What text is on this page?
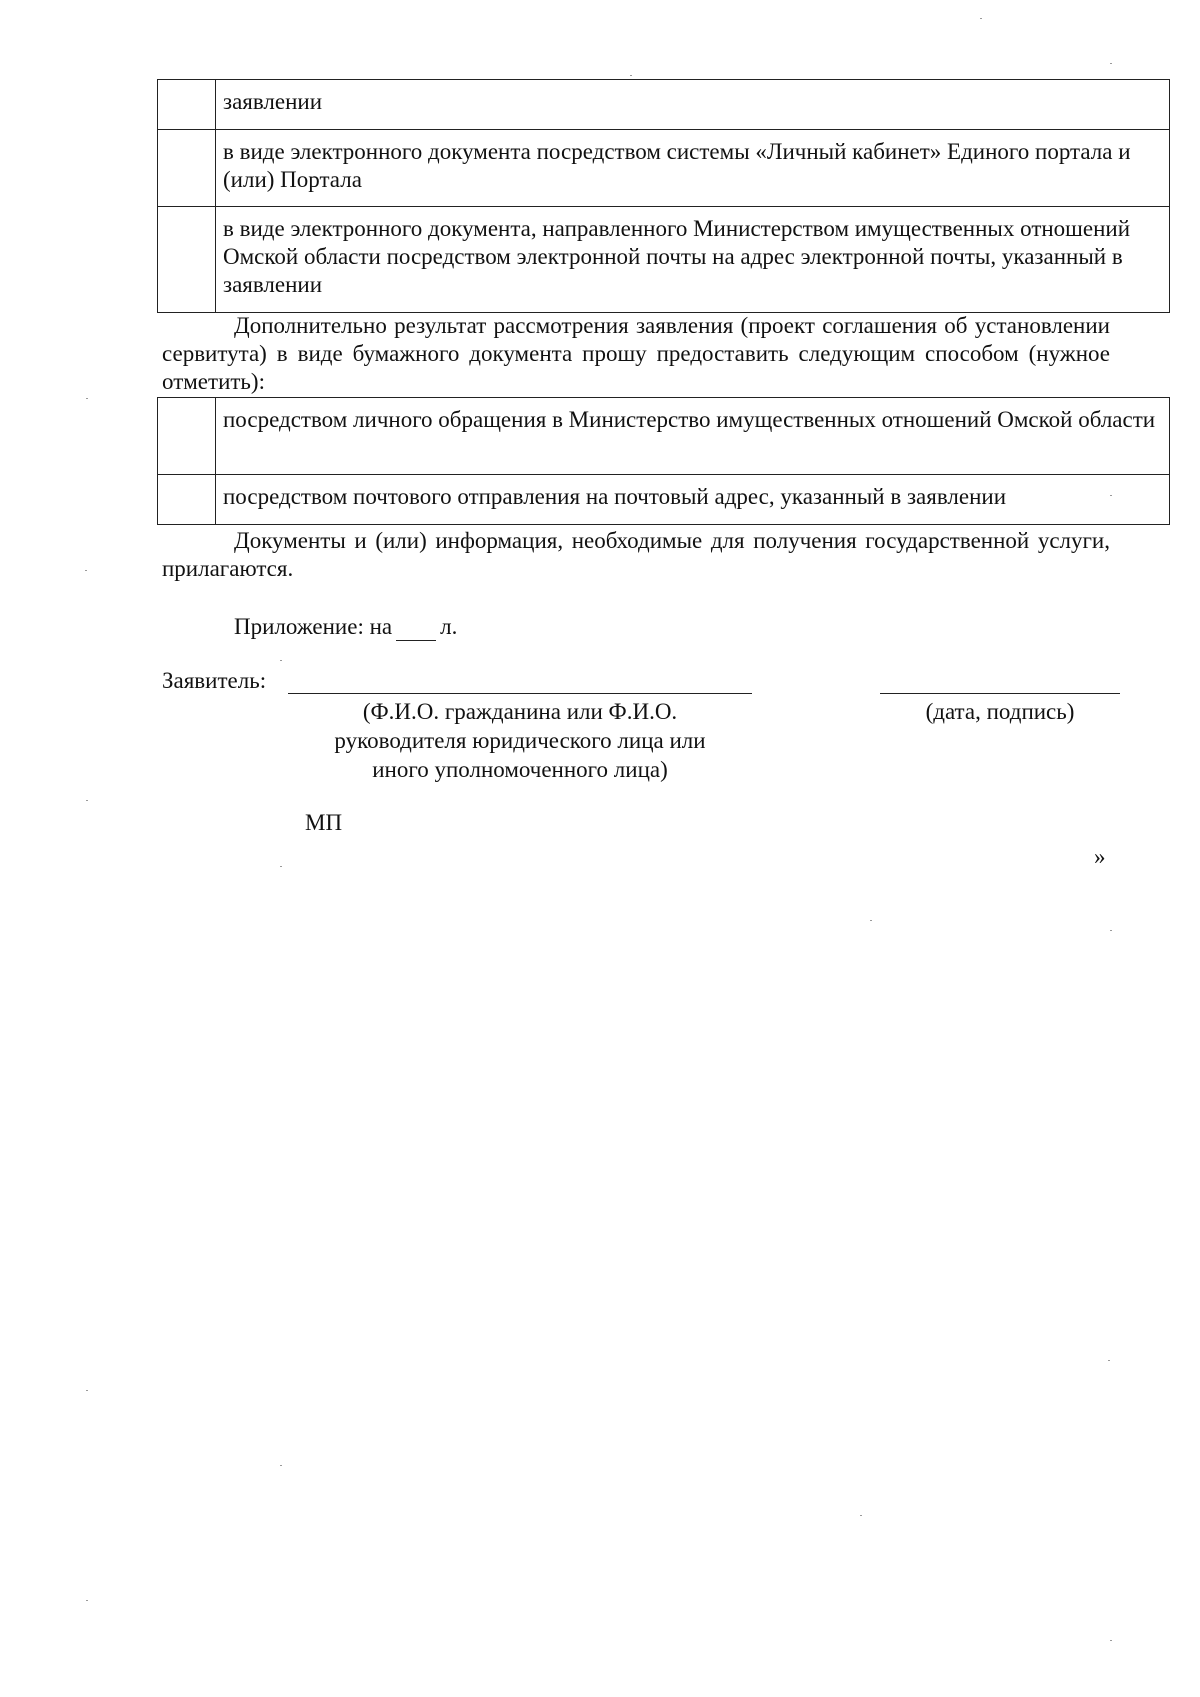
	заявлении
	в виде электронного документа посредством системы «Личный кабинет» Единого портала и (или) Портала
	в виде электронного документа, направленного Министерством имущественных отношений Омской области посредством электронной почты на адрес электронной почты, указанный в заявлении

Дополнительно результат рассмотрения заявления (проект соглашения об установлении сервитута) в виде бумажного документа прошу предоставить следующим способом (нужное отметить):

	посредством личного обращения в Министерство имущественных отношений Омской области
	посредством почтового отправления на почтовый адрес, указанный в заявлении

Документы и (или) информация, необходимые для получения государственной услуги, прилагаются.

Приложение: на л.
Заявитель:
(Ф.И.О. гражданина или Ф.И.О.
руководителя юридического лица или
иного уполномоченного лица)
(дата, подпись)
МП
»
